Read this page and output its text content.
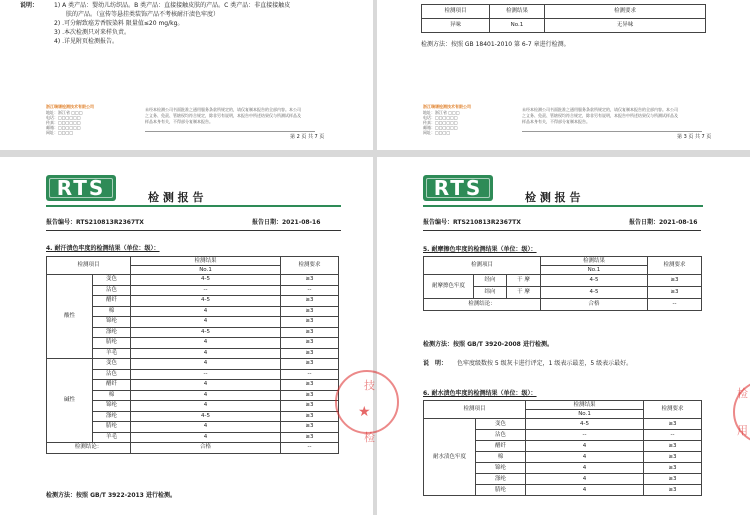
说明：	1) A 类产品：婴幼儿纺织品。B 类产品：直接接触皮肤的产品。C 类产品：非直接接触皮
肤的产品。（宣传等悬挂类装饰产品不考核耐汗渍色牢度）
2) .可分解致癌芳香胺染料 限量值≤20 mg/kg。
3) .本次检测只对来样负责。
4) .详见附页检测报告。
浙江瑞谱检测技术有限公司
地址：浙江省 □□□
电话：□□□□□□
传真：□□□□□□
邮箱：□□□□□□
网址：□□□□
未经本检测公司书面批准之通用服务条款所规定的，请仅复制本报告的全部内容。本公司
之义务、免责、管辖权均符合规定，除非另有说明，本报告中所述结果仅与所测试样品及
样品本身有关，不得部分复制本报告。
第 2 页 共 7 页
检测项目	检测结果	检测要求
异味	No.1	无异味
检测方法：按照 GB 18401-2010 第 6-7 章进行检测。
未经本检测公司书面批准之通用服务条款所规定的，请仅复制本报告的全部内容。本公司
之义务、免责、管辖权均符合规定，除非另有说明，本报告中所述结果仅与所测试样品及
样品本身有关，不得部分复制本报告。
浙江瑞谱检测技术有限公司
地址：浙江省 □□□
电话：□□□□□□
传真：□□□□□□
邮箱：□□□□□□
网址：□□□□
第 3 页 共 7 页
RTS	检 测 报 告
报告编号：RTS210813R2367TX	报告日期：2021-08-16
4. 耐汗渍色牢度的检测结果（单位：级）：
检测项目		检测结果	检测要求
		No.1	
酸性	变色	4-5	≥3
	沾色	--	--
	醋纤	4-5	≥3
	棉	4	≥3
	锦纶	4	≥3
	涤纶	4-5	≥3
	腈纶	4	≥3
	羊毛	4	≥3
碱性	变色	4	≥3
	沾色	--	--
	醋纤	4	≥3
	棉	4	≥3
	锦纶	4	≥3
	涤纶	4-5	≥3
	腈纶	4	≥3
	羊毛	4	≥3
检测结论：		合格	--
检测方法：按照 GB/T 3922-2013 进行检测。
RTS	检 测 报 告
报告编号：RTS210813R2367TX	报告日期：2021-08-16
5. 耐摩擦色牢度的检测结果（单位：级）：
检测项目			检测结果	检测要求
			No.1	
耐摩擦色牢度	经向	干 摩	4-5	≥3
	纬向	干 摩	4-5	≥3
检测结论：			合格	--
检测方法：按照 GB/T 3920-2008 进行检测。
说　明： 色牢度级数按 5 级灰卡进行评定，1 级表示最差，5 级表示最好。
6. 耐水渍色牢度的检测结果（单位：级）：
检测项目		检测结果	检测要求
		No.1	
耐水渍色牢度	变色	4-5	≥3
	沾色	--	--
	醋纤	4	≥3
	棉	4	≥3
	锦纶	4	≥3
	涤纶	4	≥3
	腈纶	4	≥3
★
技
检
检
用
